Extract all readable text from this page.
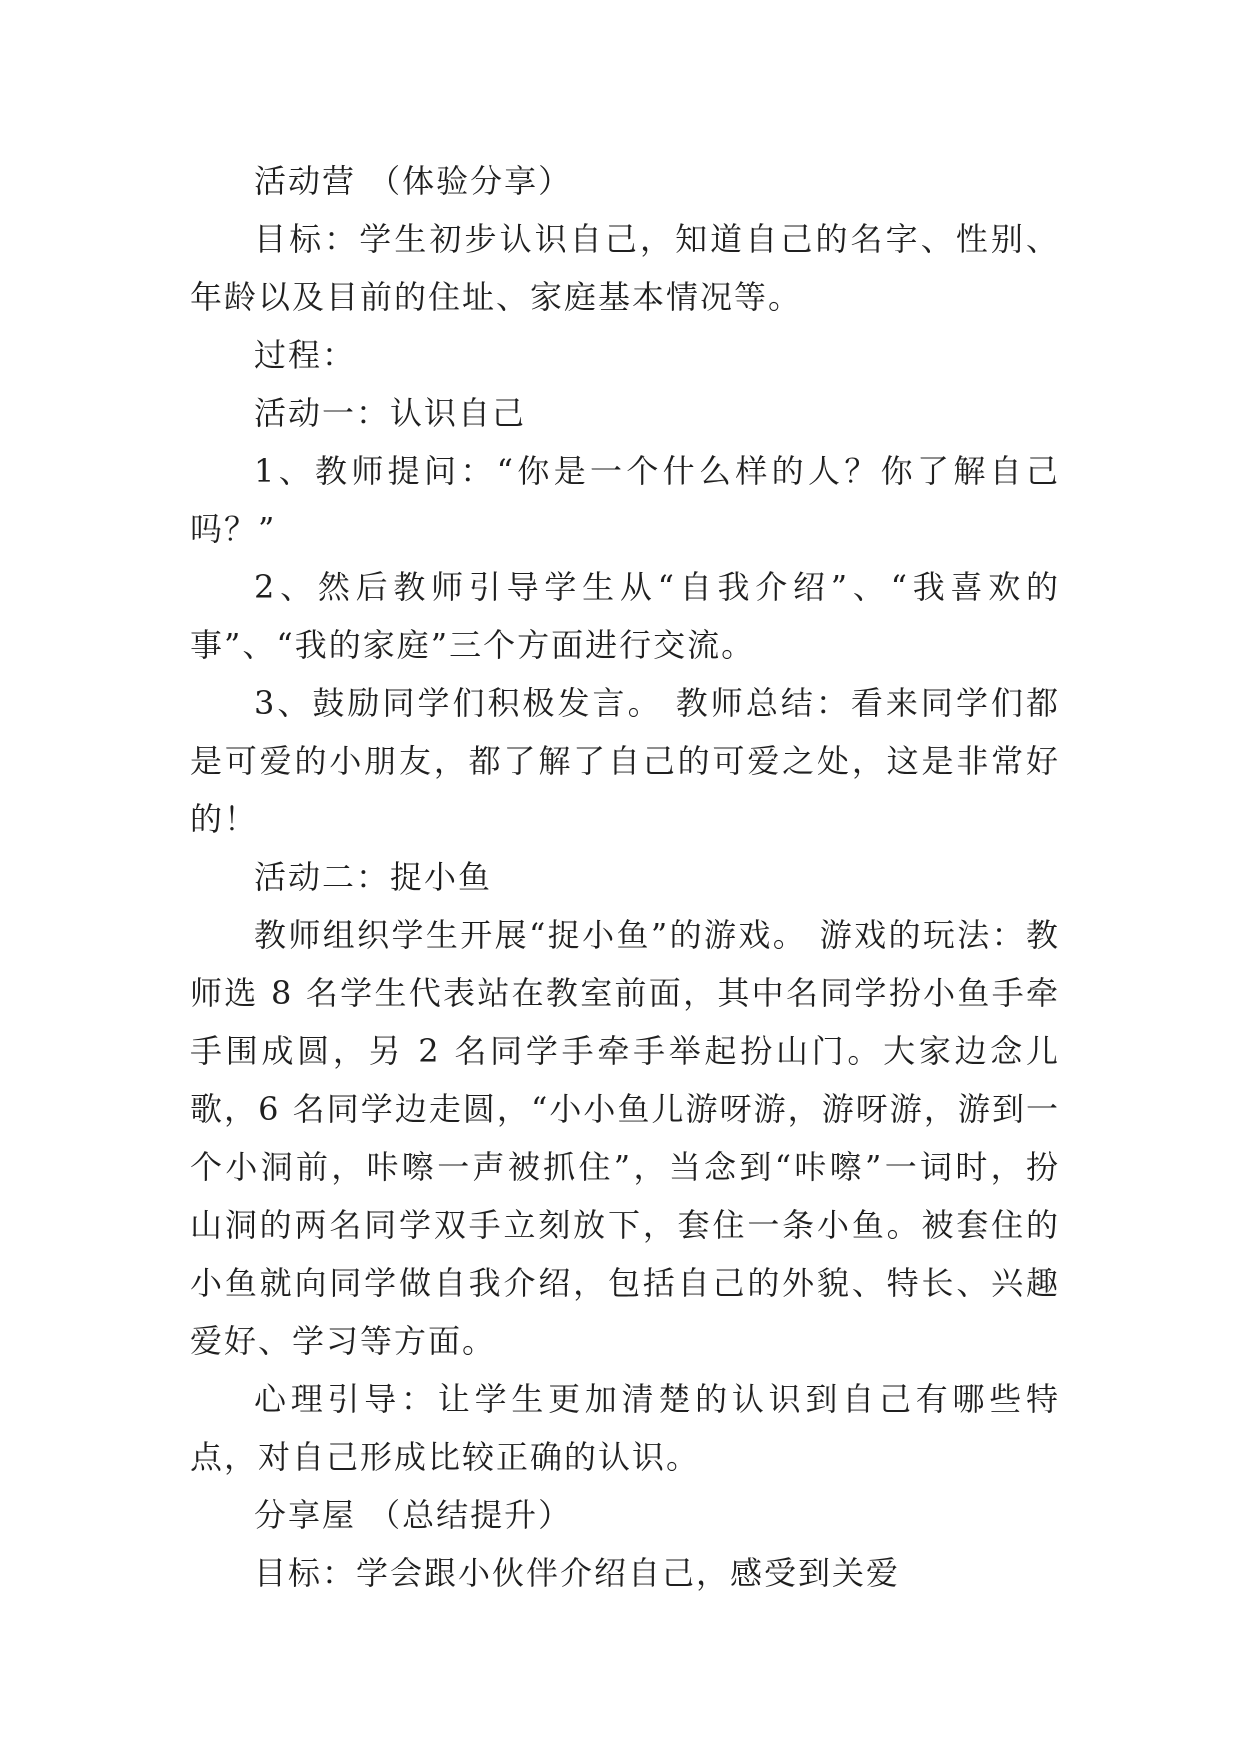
活动营 （体验分享）

目标：学生初步认识自己，知道自己的名字、性别、年龄以及目前的住址、家庭基本情况等。

过程：

活动一：认识自己

1、教师提问：“你是一个什么样的人？你了解自己吗？”

2、然后教师引导学生从“自我介绍”、“我喜欢的事”、“我的家庭”三个方面进行交流。

3、鼓励同学们积极发言。 教师总结：看来同学们都是可爱的小朋友，都了解了自己的可爱之处，这是非常好的！

活动二：捉小鱼

教师组织学生开展“捉小鱼”的游戏。 游戏的玩法：教师选 8 名学生代表站在教室前面，其中名同学扮小鱼手牵手围成圆，另 2 名同学手牵手举起扮山门。大家边念儿歌，6 名同学边走圆，“小小鱼儿游呀游，游呀游，游到一个小洞前，咔嚓一声被抓住”，当念到“咔嚓”一词时，扮山洞的两名同学双手立刻放下，套住一条小鱼。被套住的小鱼就向同学做自我介绍，包括自己的外貌、特长、兴趣爱好、学习等方面。

心理引导：让学生更加清楚的认识到自己有哪些特点，对自己形成比较正确的认识。

分享屋 （总结提升）

目标：学会跟小伙伴介绍自己，感受到关爱
